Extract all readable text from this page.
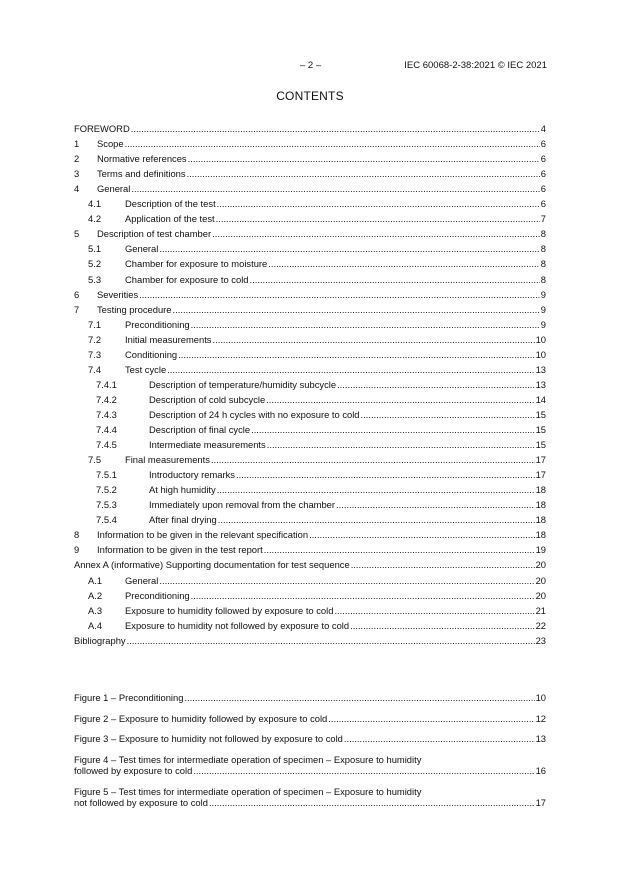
– 2 –	IEC 60068-2-38:2021 © IEC 2021
CONTENTS
FOREWORD .....	4
1	Scope .....	6
2	Normative references .....	6
3	Terms and definitions .....	6
4	General .....	6
4.1	Description of the test .....	6
4.2	Application of the test .....	7
5	Description of test chamber .....	8
5.1	General .....	8
5.2	Chamber for exposure to moisture .....	8
5.3	Chamber for exposure to cold .....	8
6	Severities .....	9
7	Testing procedure .....	9
7.1	Preconditioning .....	9
7.2	Initial measurements .....	10
7.3	Conditioning .....	10
7.4	Test cycle .....	13
7.4.1	Description of temperature/humidity subcycle .....	13
7.4.2	Description of cold subcycle .....	14
7.4.3	Description of 24 h cycles with no exposure to cold .....	15
7.4.4	Description of final cycle .....	15
7.4.5	Intermediate measurements .....	15
7.5	Final measurements .....	17
7.5.1	Introductory remarks .....	17
7.5.2	At high humidity .....	18
7.5.3	Immediately upon removal from the chamber .....	18
7.5.4	After final drying .....	18
8	Information to be given in the relevant specification .....	18
9	Information to be given in the test report .....	19
Annex A (informative) Supporting documentation for test sequence .....	20
A.1	General .....	20
A.2	Preconditioning .....	20
A.3	Exposure to humidity followed by exposure to cold .....	21
A.4	Exposure to humidity not followed by exposure to cold .....	22
Bibliography .....	23
Figure 1 – Preconditioning .....	10
Figure 2 – Exposure to humidity followed by exposure to cold .....	12
Figure 3 – Exposure to humidity not followed by exposure to cold .....	13
Figure 4 – Test times for intermediate operation of specimen – Exposure to humidity
followed by exposure to cold .....	16
Figure 5 – Test times for intermediate operation of specimen – Exposure to humidity
not followed by exposure to cold .....	17
